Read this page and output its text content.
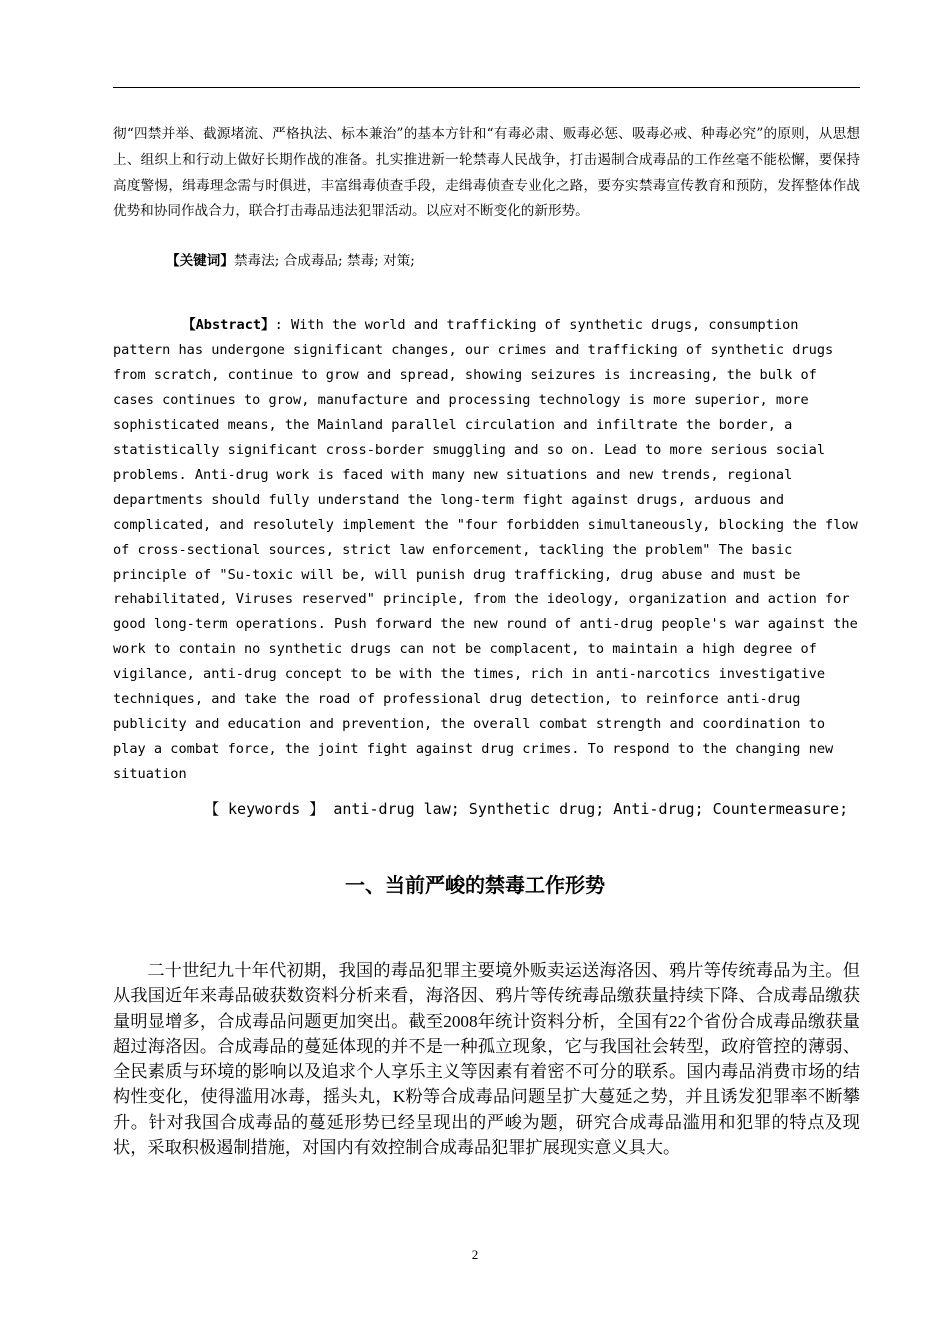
彻“四禁并举、截源堵流、严格执法、标本兼治”的基本方针和“有毒必肃、贩毒必惩、吸毒必戒、种毒必究”的原则，从思想上、组织上和行动上做好长期作战的准备。扎实推进新一轮禁毒人民战争，打击遏制合成毒品的工作丝毫不能松懈，要保持高度警惕，缉毒理念需与时俱进，丰富缉毒侦查手段，走缉毒侦查专业化之路，要夯实禁毒宣传教育和预防，发挥整体作战优势和协同作战合力，联合打击毒品违法犯罪活动。以应对不断变化的新形势。

【关键词】禁毒法; 合成毒品; 禁毒; 对策;

【Abstract】: With the world and trafficking of synthetic drugs, consumption pattern has undergone significant changes, our crimes and trafficking of synthetic drugs from scratch, continue to grow and spread, showing seizures is increasing, the bulk of cases continues to grow, manufacture and processing technology is more superior, more sophisticated means, the Mainland parallel circulation and infiltrate the border, a statistically significant cross-border smuggling and so on. Lead to more serious social problems. Anti-drug work is faced with many new situations and new trends, regional departments should fully understand the long-term fight against drugs, arduous and complicated, and resolutely implement the "four forbidden simultaneously, blocking the flow of cross-sectional sources, strict law enforcement, tackling the problem" The basic principle of "Su-toxic will be, will punish drug trafficking, drug abuse and must be rehabilitated, Viruses reserved" principle, from the ideology, organization and action for good long-term operations. Push forward the new round of anti-drug people's war against the work to contain no synthetic drugs can not be complacent, to maintain a high degree of vigilance, anti-drug concept to be with the times, rich in anti-narcotics investigative techniques, and take the road of professional drug detection, to reinforce anti-drug publicity and education and prevention, the overall combat strength and coordination to play a combat force, the joint fight against drug crimes. To respond to the changing new situation

【 keywords 】 anti-drug law; Synthetic drug; Anti-drug; Countermeasure;

一、当前严峻的禁毒工作形势

二十世纪九十年代初期，我国的毒品犯罪主要境外贩卖运送海洛因、鸦片等传统毒品为主。但从我国近年来毒品破获数资料分析来看，海洛因、鸦片等传统毒品缴获量持续下降、合成毒品缴获量明显增多，合成毒品问题更加突出。截至2008年统计资料分析，全国有22个省份合成毒品缴获量超过海洛因。合成毒品的蔓延体现的并不是一种孤立现象，它与我国社会转型，政府管控的薄弱、全民素质与环境的影响以及追求个人享乐主义等因素有着密不可分的联系。国内毒品消费市场的结构性变化，使得滥用冰毒，摇头丸，K粉等合成毒品问题呈扩大蔓延之势，并且诱发犯罪率不断攀升。针对我国合成毒品的蔓延形势已经呈现出的严峻为题，研究合成毒品滥用和犯罪的特点及现状，采取积极遏制措施，对国内有效控制合成毒品犯罪扩展现实意义具大。

2
